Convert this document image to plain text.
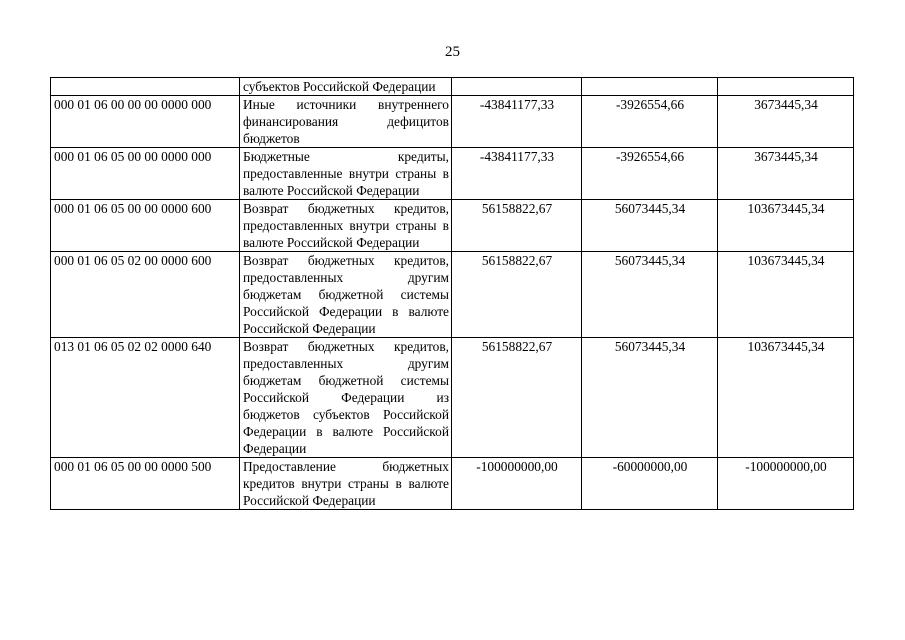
25
	субъектов Российской Федерации			
000 01 06 00 00 00 0000 000	Иные источники внутреннего финансирования дефицитов бюджетов	-43841177,33	-3926554,66	3673445,34
000 01 06 05 00 00 0000 000	Бюджетные кредиты, предоставленные внутри страны в валюте Российской Федерации	-43841177,33	-3926554,66	3673445,34
000 01 06 05 00 00 0000 600	Возврат бюджетных кредитов, предоставленных внутри страны в валюте Российской Федерации	56158822,67	56073445,34	103673445,34
000 01 06 05 02 00 0000 600	Возврат бюджетных кредитов, предоставленных другим бюджетам бюджетной системы Российской Федерации в валюте Российской Федерации	56158822,67	56073445,34	103673445,34
013 01 06 05 02 02 0000 640	Возврат бюджетных кредитов, предоставленных другим бюджетам бюджетной системы Российской Федерации из бюджетов субъектов Российской Федерации в валюте Российской Федерации	56158822,67	56073445,34	103673445,34
000 01 06 05 00 00 0000 500	Предоставление бюджетных кредитов внутри страны в валюте Российской Федерации	-100000000,00	-60000000,00	-100000000,00
